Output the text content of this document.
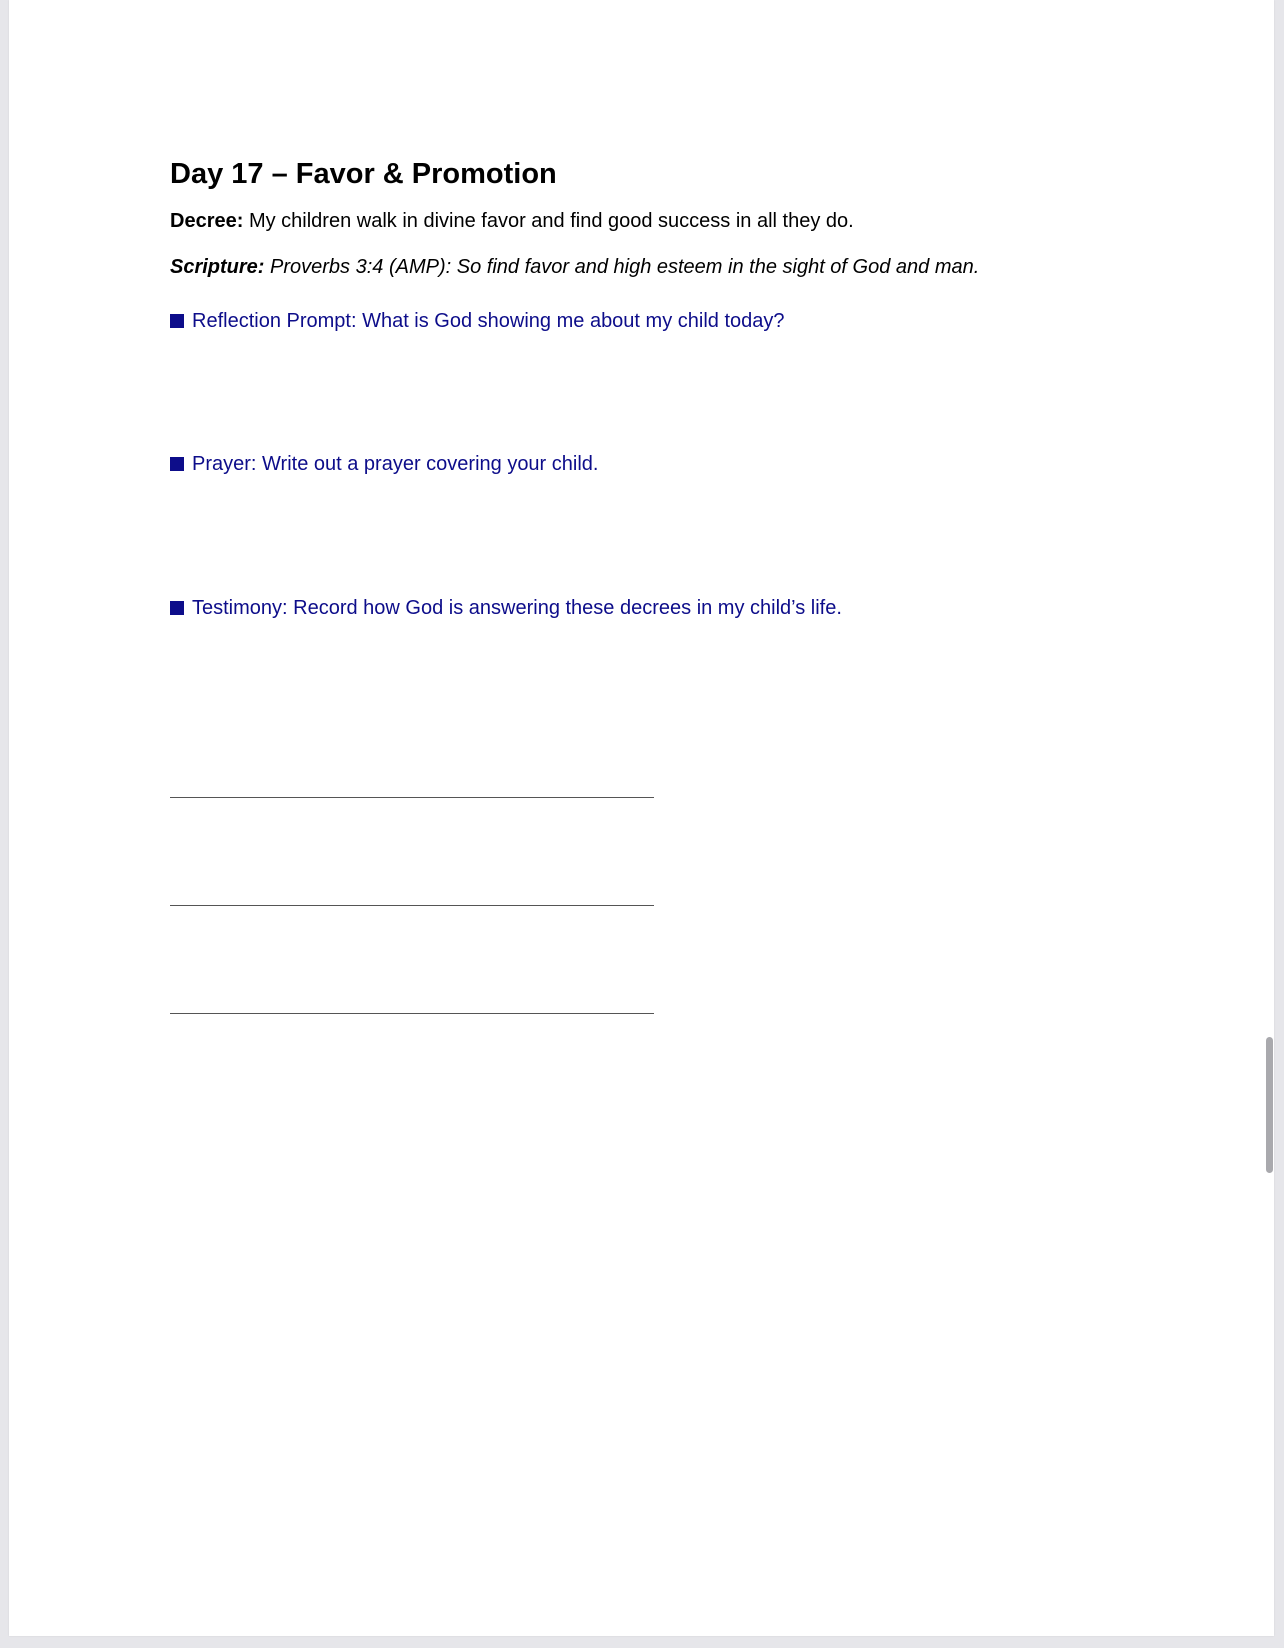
Day 17 – Favor & Promotion
Decree: My children walk in divine favor and find good success in all they do.
Scripture: Proverbs 3:4 (AMP): So find favor and high esteem in the sight of God and man.
Reflection Prompt: What is God showing me about my child today?
Prayer: Write out a prayer covering your child.
Testimony: Record how God is answering these decrees in my child’s life.
